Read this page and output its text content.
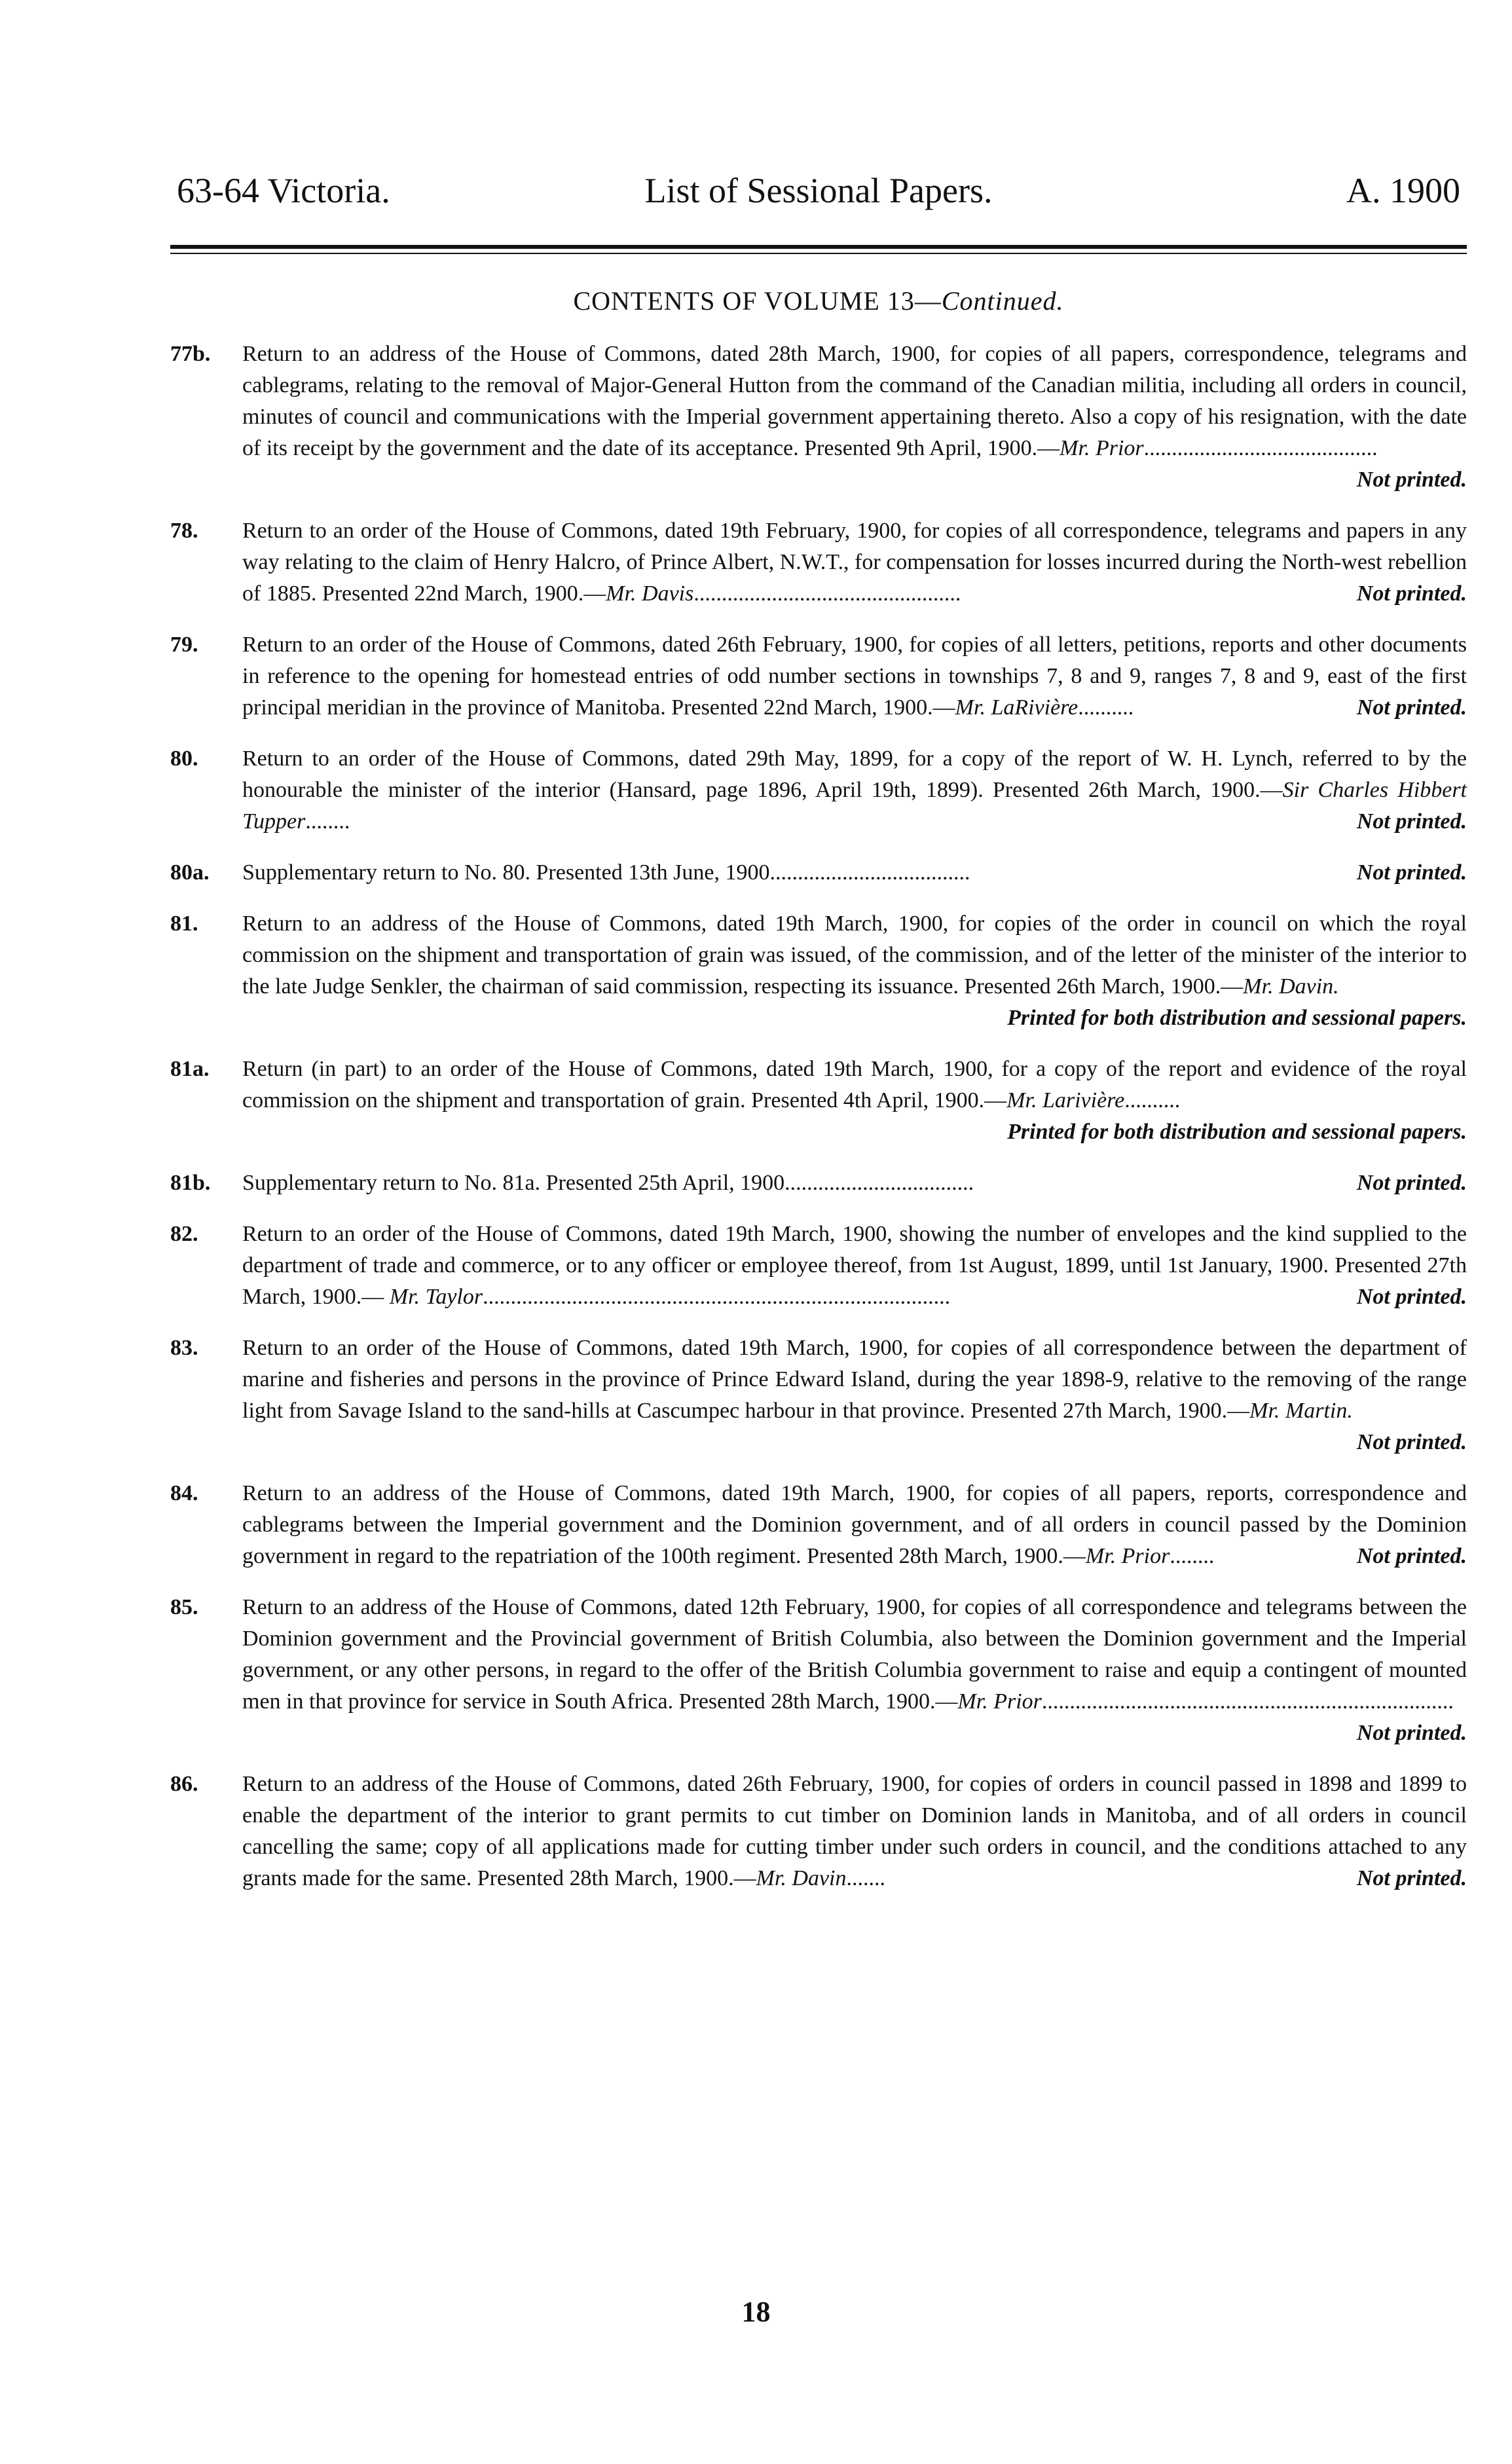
63-64 Victoria.	List of Sessional Papers.	A. 1900
CONTENTS OF VOLUME 13—Continued.
77b. Return to an address of the House of Commons, dated 28th March, 1900, for copies of all papers, correspondence, telegrams and cablegrams, relating to the removal of Major-General Hutton from the command of the Canadian militia, including all orders in council, minutes of council and communications with the Imperial government appertaining thereto. Also a copy of his resignation, with the date of its receipt by the government and the date of its acceptance. Presented 9th April, 1900.—Mr. Prior..........................................
Not printed.
78. Return to an order of the House of Commons, dated 19th February, 1900, for copies of all correspondence, telegrams and papers in any way relating to the claim of Henry Halcro, of Prince Albert, N.W.T., for compensation for losses incurred during the North-west rebellion of 1885. Presented 22nd March, 1900.—Mr. Davis................................................	Not printed.
79. Return to an order of the House of Commons, dated 26th February, 1900, for copies of all letters, petitions, reports and other documents in reference to the opening for homestead entries of odd number sections in townships 7, 8 and 9, ranges 7, 8 and 9, east of the first principal meridian in the province of Manitoba. Presented 22nd March, 1900.—Mr. LaRivière..........	Not printed.
80. Return to an order of the House of Commons, dated 29th May, 1899, for a copy of the report of W. H. Lynch, referred to by the honourable the minister of the interior (Hansard, page 1896, April 19th, 1899). Presented 26th March, 1900.—Sir Charles Hibbert Tupper........	Not printed.
80a. Supplementary return to No. 80. Presented 13th June, 1900....................................	Not printed.
81. Return to an address of the House of Commons, dated 19th March, 1900, for copies of the order in council on which the royal commission on the shipment and transportation of grain was issued, of the commission, and of the letter of the minister of the interior to the late Judge Senkler, the chairman of said commission, respecting its issuance. Presented 26th March, 1900.—Mr. Davin.
Printed for both distribution and sessional papers.
81a. Return (in part) to an order of the House of Commons, dated 19th March, 1900, for a copy of the report and evidence of the royal commission on the shipment and transportation of grain. Presented 4th April, 1900.—Mr. Larivière..........
Printed for both distribution and sessional papers.
81b. Supplementary return to No. 81a. Presented 25th April, 1900..................................	Not printed.
82. Return to an order of the House of Commons, dated 19th March, 1900, showing the number of envelopes and the kind supplied to the department of trade and commerce, or to any officer or employee thereof, from 1st August, 1899, until 1st January, 1900. Presented 27th March, 1900.— Mr. Taylor....................................................................................	Not printed.
83. Return to an order of the House of Commons, dated 19th March, 1900, for copies of all correspondence between the department of marine and fisheries and persons in the province of Prince Edward Island, during the year 1898-9, relative to the removing of the range light from Savage Island to the sand-hills at Cascumpec harbour in that province. Presented 27th March, 1900.—Mr. Martin.
Not printed.
84. Return to an address of the House of Commons, dated 19th March, 1900, for copies of all papers, reports, correspondence and cablegrams between the Imperial government and the Dominion government, and of all orders in council passed by the Dominion government in regard to the repatriation of the 100th regiment. Presented 28th March, 1900.—Mr. Prior........	Not printed.
85. Return to an address of the House of Commons, dated 12th February, 1900, for copies of all correspondence and telegrams between the Dominion government and the Provincial government of British Columbia, also between the Dominion government and the Imperial government, or any other persons, in regard to the offer of the British Columbia government to raise and equip a contingent of mounted men in that province for service in South Africa. Presented 28th March, 1900.—Mr. Prior..........................................................................
Not printed.
86. Return to an address of the House of Commons, dated 26th February, 1900, for copies of orders in council passed in 1898 and 1899 to enable the department of the interior to grant permits to cut timber on Dominion lands in Manitoba, and of all orders in council cancelling the same; copy of all applications made for cutting timber under such orders in council, and the conditions attached to any grants made for the same. Presented 28th March, 1900.—Mr. Davin.......	Not printed.
18
